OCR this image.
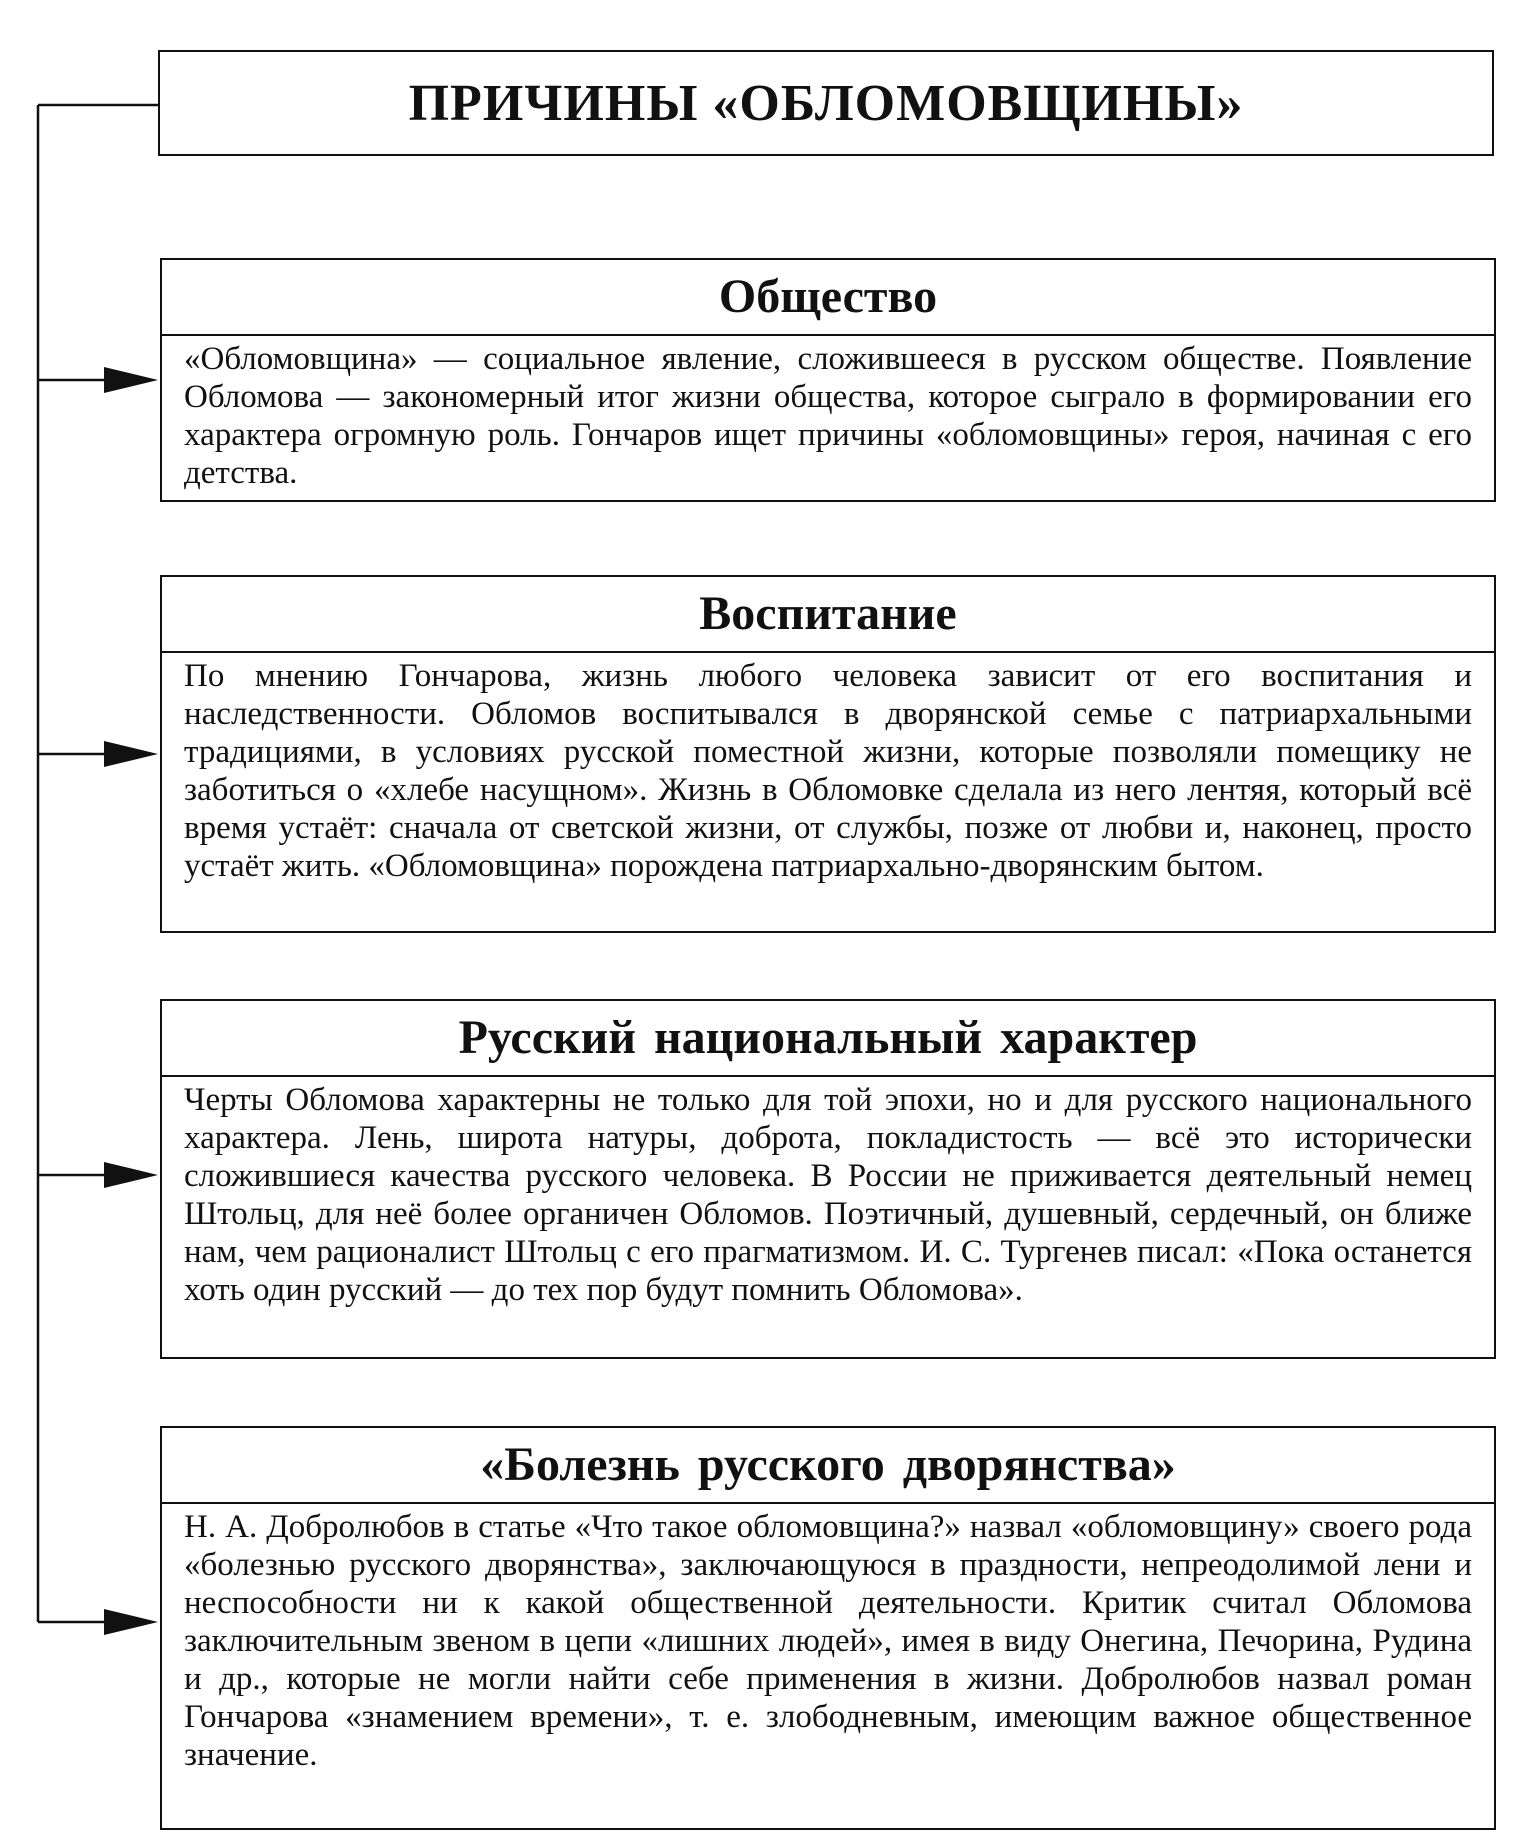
ПРИЧИНЫ «ОБЛОМОВЩИНЫ»
Общество
«Обломовщина» — социальное явление, сложившееся в русском обществе. Появление Обломова — закономерный итог жизни общества, которое сыграло в формировании его характера огромную роль. Гончаров ищет причины «обломовщины» героя, начиная с его детства.
Воспитание
По мнению Гончарова, жизнь любого человека зависит от его воспитания и наследственности. Обломов воспитывался в дворянской семье с патриархальными традициями, в условиях русской поместной жизни, которые позволяли помещику не заботиться о «хлебе насущном». Жизнь в Обломовке сделала из него лентяя, который всё время устаёт: сначала от светской жизни, от службы, позже от любви и, наконец, просто устаёт жить. «Обломовщина» порождена патриархально-дворянским бытом.
Русский национальный характер
Черты Обломова характерны не только для той эпохи, но и для русского национального характера. Лень, широта натуры, доброта, покладистость — всё это исторически сложившиеся качества русского человека. В России не приживается деятельный немец Штольц, для неё более органичен Обломов. Поэтичный, душевный, сердечный, он ближе нам, чем рационалист Штольц с его прагматизмом. И. С. Тургенев писал: «Пока останется хоть один русский — до тех пор будут помнить Обломова».
«Болезнь русского дворянства»
Н. А. Добролюбов в статье «Что такое обломовщина?» назвал «обломовщину» своего рода «болезнью русского дворянства», заключающуюся в праздности, непреодолимой лени и неспособности ни к какой общественной деятельности. Критик считал Обломова заключительным звеном в цепи «лишних людей», имея в виду Онегина, Печорина, Рудина и др., которые не могли найти себе применения в жизни. Добролюбов назвал роман Гончарова «знамением времени», т. е. злободневным, имеющим важное общественное значение.
